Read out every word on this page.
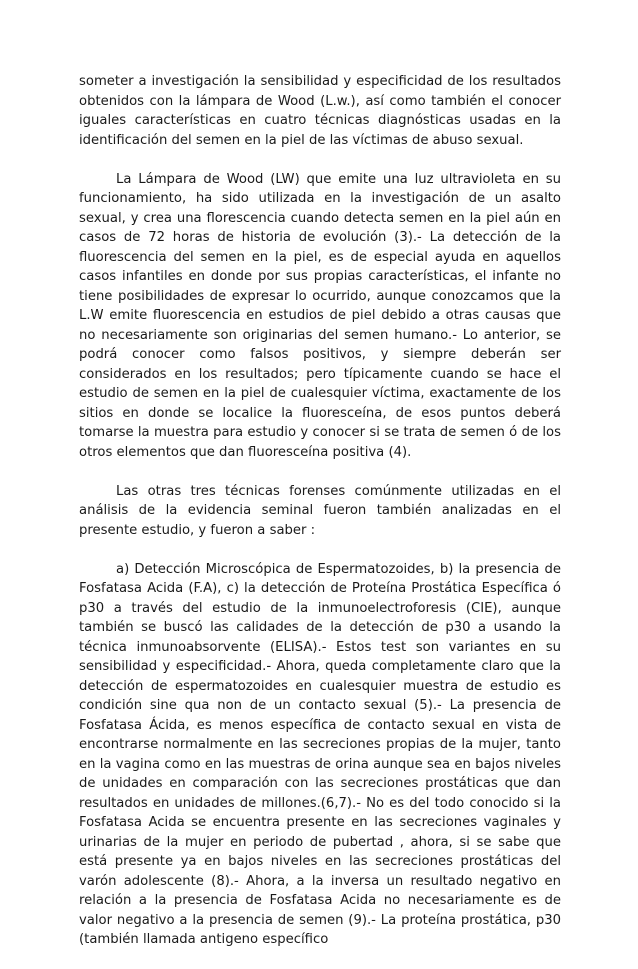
someter a investigación la sensibilidad y especificidad de los resultados obtenidos con la lámpara de Wood (L.w.), así como también el conocer iguales características en cuatro técnicas diagnósticas usadas en la identificación del semen en la piel de las víctimas de abuso sexual.

La Lámpara de Wood (LW) que emite una luz ultravioleta en su funcionamiento, ha sido utilizada en la investigación de un asalto sexual, y crea una florescencia cuando detecta semen en la piel aún en casos de 72 horas de historia de evolución (3).- La detección de la fluorescencia del semen en la piel, es de especial ayuda en aquellos casos infantiles en donde por sus propias características, el infante no tiene posibilidades de expresar lo ocurrido, aunque conozcamos que la L.W emite fluorescencia en estudios de piel debido a otras causas que no necesariamente son originarias del semen humano.- Lo anterior, se podrá conocer como falsos positivos, y siempre deberán ser considerados en los resultados; pero típicamente cuando se hace el estudio de semen en la piel de cualesquier víctima, exactamente de los sitios en donde se localice la fluoresceína, de esos puntos deberá tomarse la muestra para estudio y conocer si se trata de semen ó de los otros elementos que dan fluoresceína positiva (4).

Las otras tres técnicas forenses comúnmente utilizadas en el análisis de la evidencia seminal fueron también analizadas en el presente estudio, y fueron a saber :

a) Detección Microscópica de Espermatozoides, b) la presencia de Fosfatasa Acida (F.A), c) la detección de Proteína Prostática Específica ó p30 a través del estudio de la inmunoelectroforesis (CIE), aunque también se buscó las calidades de la detección de p30 a usando la técnica inmunoabsorvente (ELISA).- Estos test son variantes en su sensibilidad y especificidad.- Ahora, queda completamente claro que la detección de espermatozoides en cualesquier muestra de estudio es condición sine qua non de un contacto sexual (5).- La presencia de Fosfatasa Ácida, es menos específica de contacto sexual en vista de encontrarse normalmente en las secreciones propias de la mujer, tanto en la vagina como en las muestras de orina aunque sea en bajos niveles de unidades en comparación con las secreciones prostáticas que dan resultados en unidades de millones.(6,7).- No es del todo conocido si la Fosfatasa Acida se encuentra presente en las secreciones vaginales y urinarias de la mujer en periodo de pubertad , ahora, si se sabe que está presente ya en bajos niveles en las secreciones prostáticas del varón adolescente (8).- Ahora, a la inversa un resultado negativo en relación a la presencia de Fosfatasa Acida no necesariamente es de valor negativo a la presencia de semen (9).- La proteína prostática, p30 (también llamada antigeno específico
